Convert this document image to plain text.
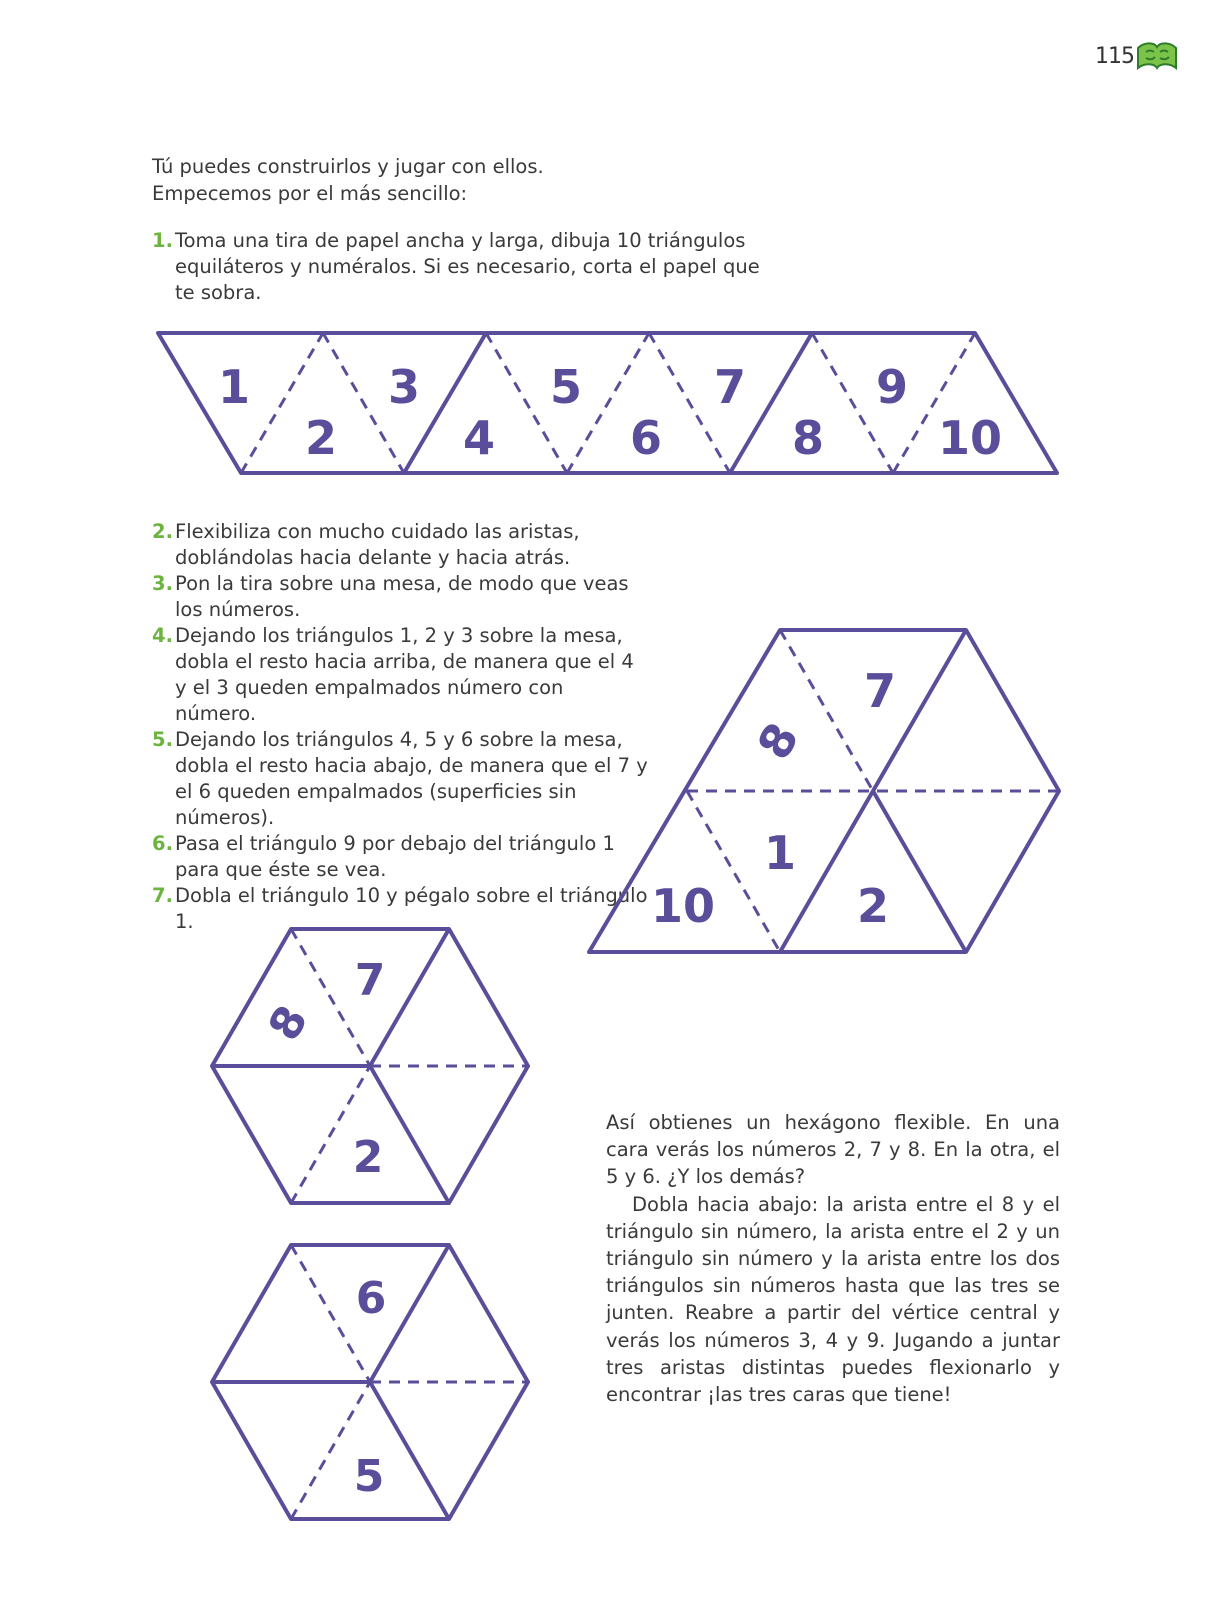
115

Tú puedes construirlos y jugar con ellos.

Empecemos por el más sencillo:

1. Toma una tira de papel ancha y larga, dibuja 10 triángulos equiláteros y numéralos. Si es necesario, corta el papel que te sobra.
1
2
3
4
5
6
7
8
9
10
2. Flexibiliza con mucho cuidado las aristas, doblándolas hacia delante y hacia atrás.
3. Pon la tira sobre una mesa, de modo que veas los números.
4. Dejando los triángulos 1, 2 y 3 sobre la mesa, dobla el resto hacia arriba, de manera que el 4 y el 3 queden empalmados número con número.
5. Dejando los triángulos 4, 5 y 6 sobre la mesa, dobla el resto hacia abajo, de manera que el 7 y el 6 queden empalmados (superficies sin números).
6. Pasa el triángulo 9 por debajo del triángulo 1 para que éste se vea.
7. Dobla el triángulo 10 y pégalo sobre el triángulo 1.
7
8
1
10	2
7
8
2
6
5

Así obtienes un hexágono flexible. En una cara verás los números 2, 7 y 8. En la otra, el 5 y 6. ¿Y los demás?

Dobla hacia abajo: la arista entre el 8 y el triángulo sin número, la arista entre el 2 y un triángulo sin número y la arista entre los dos triángulos sin números hasta que las tres se junten. Reabre a partir del vértice central y verás los números 3, 4 y 9. Jugando a juntar tres aristas distintas puedes flexionarlo y encontrar ¡las tres caras que tiene!
